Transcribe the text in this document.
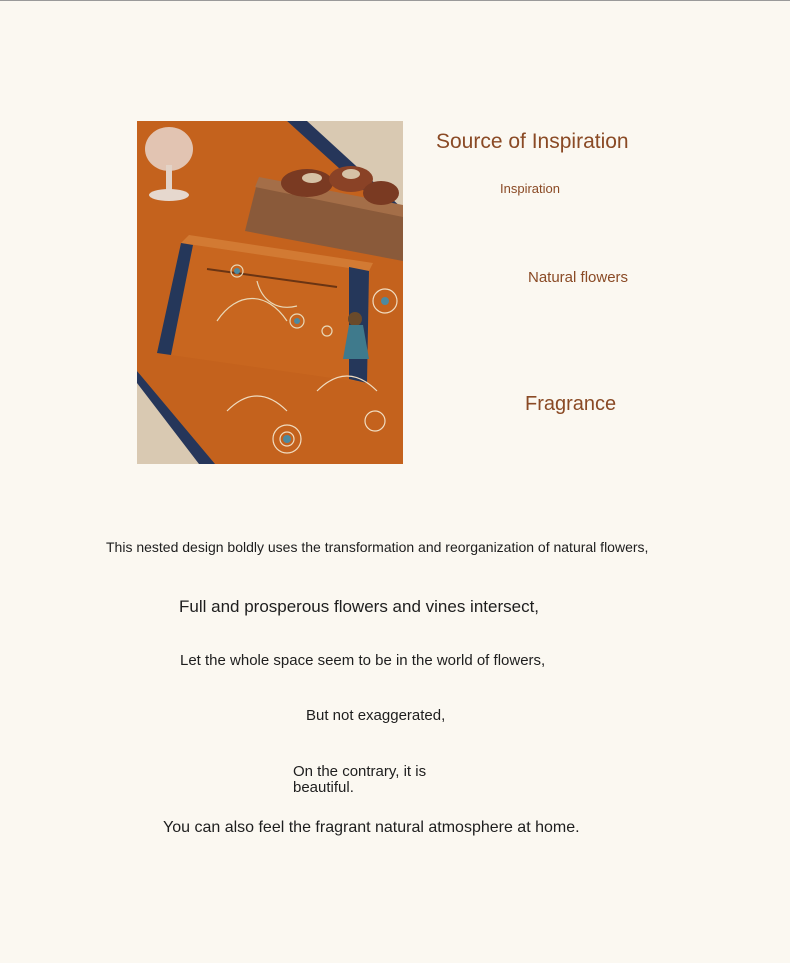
Source of Inspiration
Inspiration
Natural flowers
Fragrance
This nested design boldly uses the transformation and reorganization of natural flowers,
Full and prosperous flowers and vines intersect,
Let the whole space seem to be in the world of flowers,
But not exaggerated,
On the contrary, it is beautiful.
You can also feel the fragrant natural atmosphere at home.
